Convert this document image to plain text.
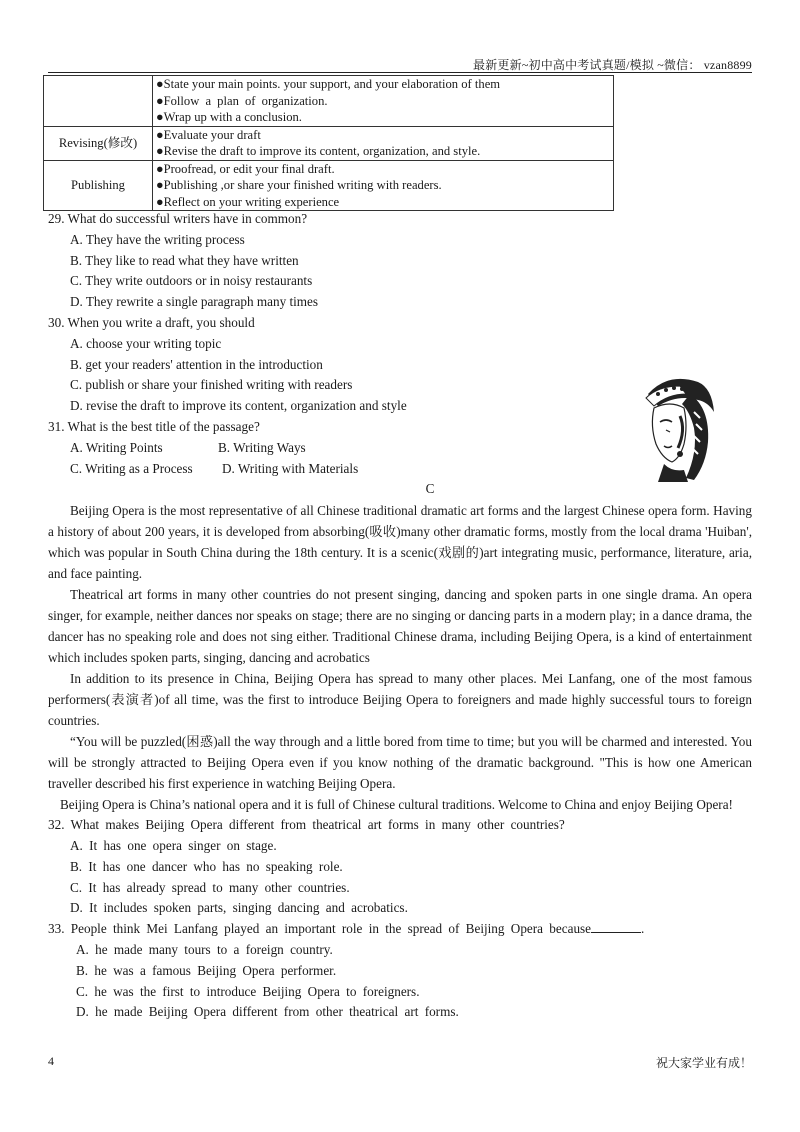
最新更新~初中高中考试真题/模拟 ~微信： vzan8899

	●State your main points. your support, and your elaboration of them
●Follow a plan of organization.
●Wrap up with a conclusion.

Revising(修改)	●Evaluate your draft
●Revise the draft to improve its content, organization, and style.

Publishing	●Proofread, or edit your final draft.
●Publishing ,or share your finished writing with readers.
●Reflect on your writing experience
29. What do successful writers have in common?
A. They have the writing process
B. They like to read what they have written
C. They write outdoors or in noisy restaurants
D. They rewrite a single paragraph many times
30. When you write a draft, you should
A. choose your writing topic
B. get your readers' attention in the introduction
C. publish or share your finished writing with readers
D. revise the draft to improve its content, organization and style
31. What is the best title of the passage?
A. Writing Points	B. Writing Ways
C. Writing as a Process D. Writing with Materials
C

Beijing Opera is the most representative of all Chinese traditional dramatic art forms and the largest Chinese opera form. Having a history of about 200 years, it is developed from absorbing(吸收)many other dramatic forms, mostly from the local drama 'Huiban', which was popular in South China during the 18th century. It is a scenic(戏剧的)art integrating music, performance, literature, aria, and face painting.

Theatrical art forms in many other countries do not present singing, dancing and spoken parts in one single drama. An opera singer, for example, neither dances nor speaks on stage; there are no singing or dancing parts in a modern play; in a dance drama, the dancer has no speaking role and does not sing either. Traditional Chinese drama, including Beijing Opera, is a kind of entertainment which includes spoken parts, singing, dancing and acrobatics

In addition to its presence in China, Beijing Opera has spread to many other places. Mei Lanfang, one of the most famous performers(表演者)of all time, was the first to introduce Beijing Opera to foreigners and made highly successful tours to foreign countries.

“You will be puzzled(困惑)all the way through and a little bored from time to time; but you will be charmed and interested. You will be strongly attracted to Beijing Opera even if you know nothing of the dramatic background. "This is how one American traveller described his first experience in watching Beijing Opera.

Beijing Opera is China’s national opera and it is full of Chinese cultural traditions. Welcome to China and enjoy Beijing Opera!

32. What makes Beijing Opera different from theatrical art forms in many other countries?
A. It has one opera singer on stage.
B. It has one dancer who has no speaking role.
C. It has already spread to many other countries.
D. It includes spoken parts, singing dancing and acrobatics.
33. People think Mei Lanfang played an important role in the spread of Beijing Opera because	.
A. he made many tours to a foreign country.
B. he was a famous Beijing Opera performer.
C. he was the first to introduce Beijing Opera to foreigners.
D. he made Beijing Opera different from other theatrical art forms.
4	祝大家学业有成！
